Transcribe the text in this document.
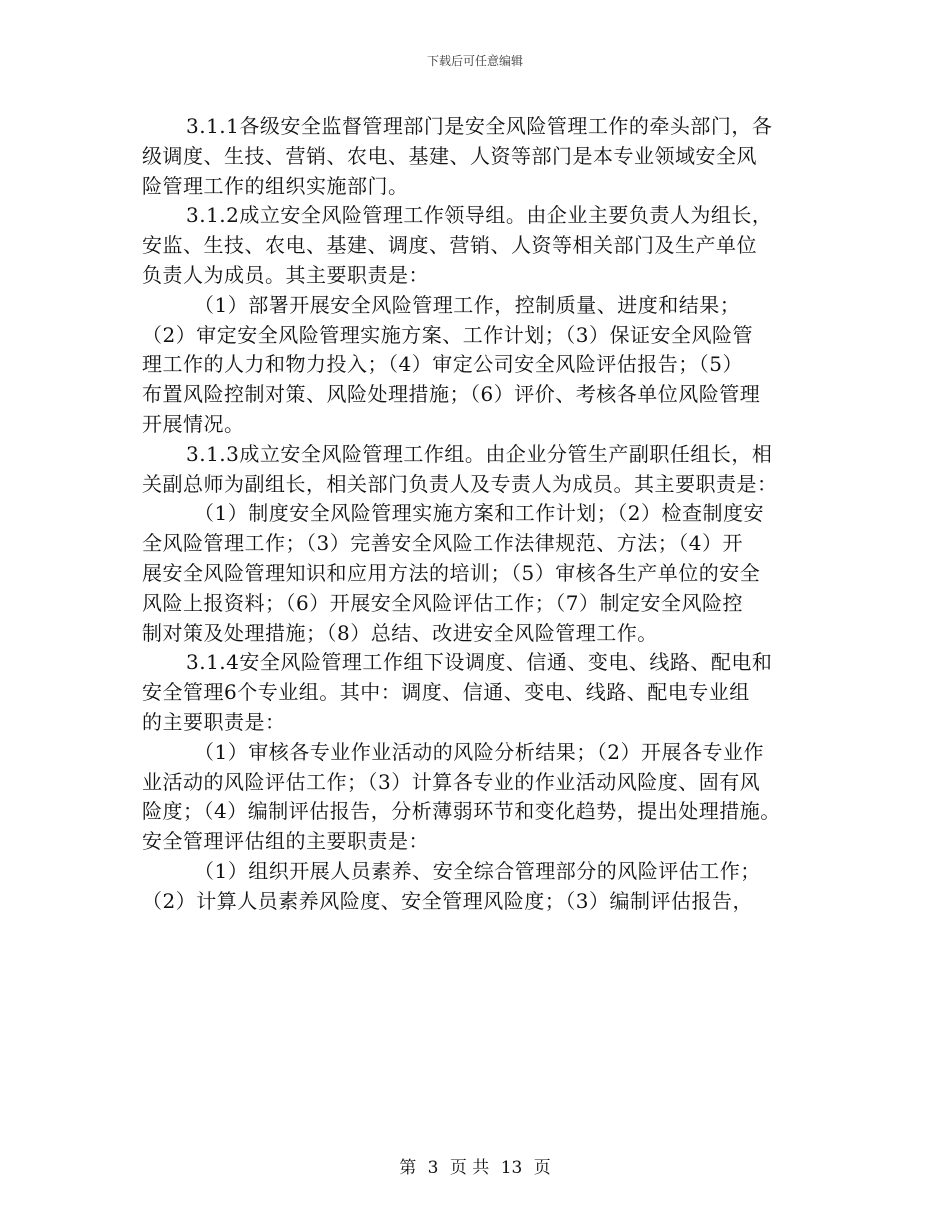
下载后可任意编辑
3.1.1各级安全监督管理部门是安全风险管理工作的牵头部门，各
级调度、生技、营销、农电、基建、人资等部门是本专业领域安全风
险管理工作的组织实施部门。
3.1.2成立安全风险管理工作领导组。由企业主要负责人为组长，
安监、生技、农电、基建、调度、营销、人资等相关部门及生产单位
负责人为成员。其主要职责是：
（1）部署开展安全风险管理工作，控制质量、进度和结果；
（2）审定安全风险管理实施方案、工作计划；（3）保证安全风险管
理工作的人力和物力投入；（4）审定公司安全风险评估报告；（5）
布置风险控制对策、风险处理措施；（6）评价、考核各单位风险管理
开展情况。
3.1.3成立安全风险管理工作组。由企业分管生产副职任组长，相
关副总师为副组长，相关部门负责人及专责人为成员。其主要职责是：
（1）制度安全风险管理实施方案和工作计划；（2）检查制度安
全风险管理工作；（3）完善安全风险工作法律规范、方法；（4）开
展安全风险管理知识和应用方法的培训；（5）审核各生产单位的安全
风险上报资料；（6）开展安全风险评估工作；（7）制定安全风险控
制对策及处理措施；（8）总结、改进安全风险管理工作。
3.1.4安全风险管理工作组下设调度、信通、变电、线路、配电和
安全管理6个专业组。其中：调度、信通、变电、线路、配电专业组
的主要职责是：
（1）审核各专业作业活动的风险分析结果；（2）开展各专业作
业活动的风险评估工作；（3）计算各专业的作业活动风险度、固有风
险度；（4）编制评估报告，分析薄弱环节和变化趋势，提出处理措施。
安全管理评估组的主要职责是：
（1）组织开展人员素养、安全综合管理部分的风险评估工作；
（2）计算人员素养风险度、安全管理风险度；（3）编制评估报告，
第 3 页 共 13 页
